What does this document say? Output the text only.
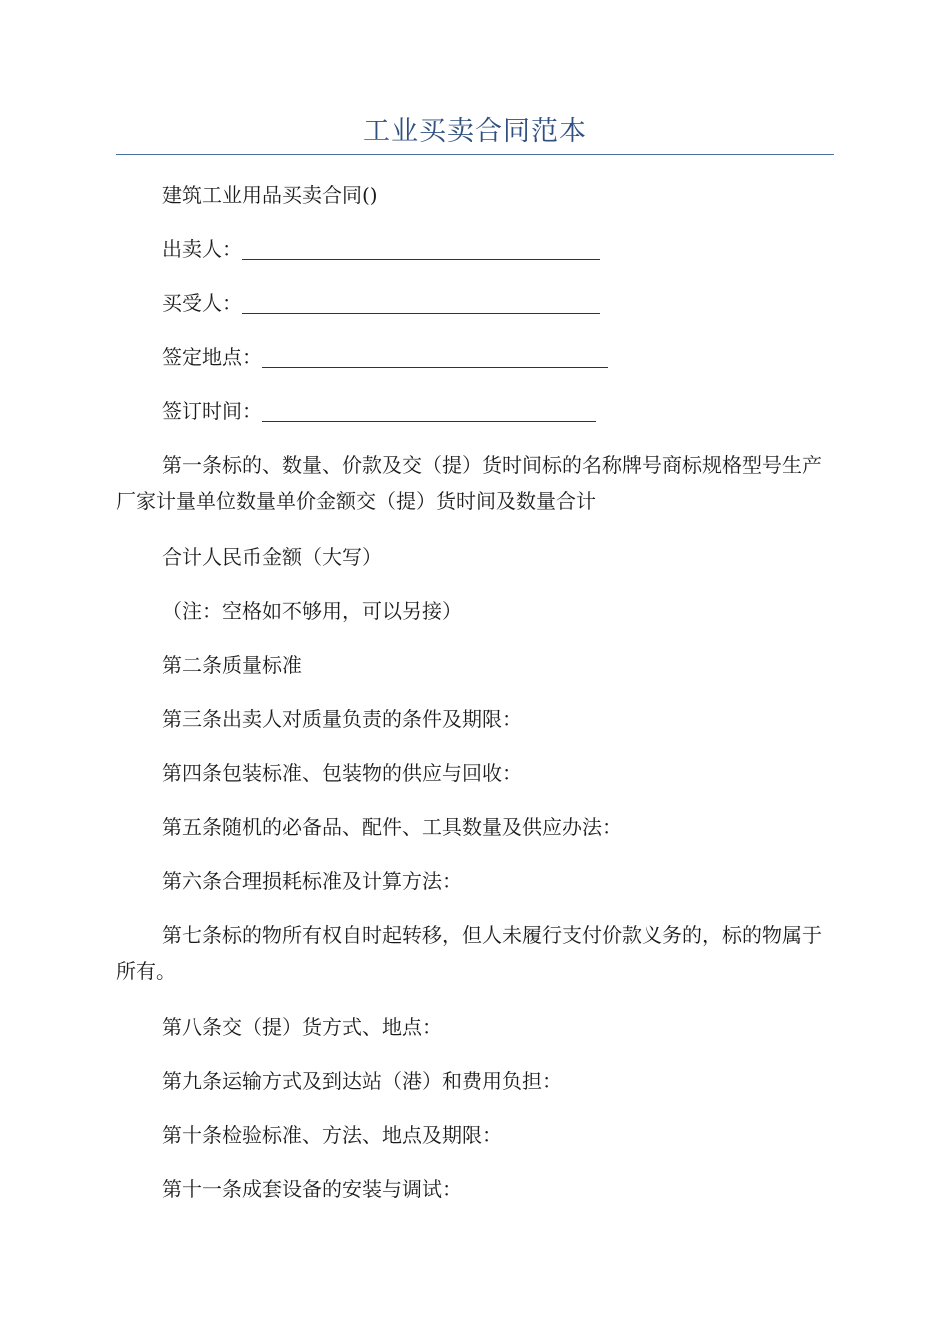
工业买卖合同范本

建筑工业用品买卖合同()

出卖人：

买受人：

签定地点：

签订时间：

第一条标的、数量、价款及交（提）货时间标的名称牌号商标规格型号生产厂家计量单位数量单价金额交（提）货时间及数量合计

合计人民币金额（大写）

（注：空格如不够用，可以另接）

第二条质量标准

第三条出卖人对质量负责的条件及期限：

第四条包装标准、包装物的供应与回收：

第五条随机的必备品、配件、工具数量及供应办法：

第六条合理损耗标准及计算方法：

第七条标的物所有权自时起转移，但人未履行支付价款义务的，标的物属于所有。

第八条交（提）货方式、地点：

第九条运输方式及到达站（港）和费用负担：

第十条检验标准、方法、地点及期限：

第十一条成套设备的安装与调试：
